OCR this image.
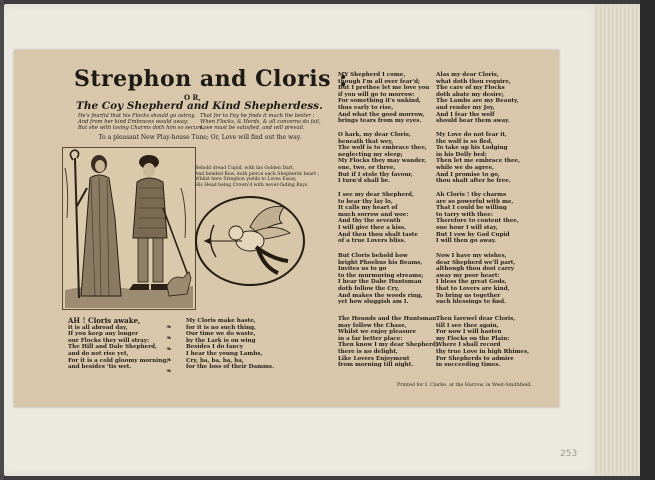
253
Strephon and Cloris :
O R,
The Coy Shepherd and Kind Shepherdess.
He's fearful that his Flocks should go astray,
And from her kind Embraces would away:
But she with loving Charms doth him so secure,
That for to Fay he finds it much the better :
When Flocks, & Herds, & all concerns do fail,
Love must be satisfied, and will prevail.
To a pleasant New Play-house Tune; Or, Love will find out the way.
Behold dread Cupid, with his Golden Dart,
And bended Bow, doth pierce each Shepherds heart ;
Whilst here Strephon yields to Loves Essay,
His Head being Crown'd with never-fading Bays.
AH ! Cloris awake,
it is all abroad day,
If you keep any longer
our Flocks they will stray:
The Hill and Dale Shepherd,
and do not rise yet,
For it is a cold gloomy morning,
and besides 'tis wet.
❧
❧
❧
❧
❧
My Cloris make haste,
for it is no such thing,
Our time we do waste,
by the Lark is on wing
Besides I do fancy
I hear the young Lambs,
Cry, ba, ba, ba, ba,
for the loss of their Damms.
MY Shepherd I come,
though I'm all over fear'd;
But I prethee let me love you
if you will go to morrow:
For something it's unkind,
thus early to rise,
And what the good morrow,
brings tears from my eyes.
Alas my dear Cloris,
what doth thou require,
The care of my Flocks
doth abate my desire;
The Lambs are my Beauty,
and render my Joy,
And I fear the wolf
should bear them away.
O hark, my dear Cloris,
beneath that wey,
The wolf is to embrace thee,
neglecting my sleep;
My Flocks they may wander,
one, two, or three,
But if I stole thy favour,
I turn'd shall be.
My Love do not fear it,
the wolf is so fled,
To take up his Lodging
in his Dolly bed:
Then let me embrace thee,
while we do agree,
And I promise to go,
thou shalt after be free.
I see my dear Shepherd,
to bear thy lay lo,
It calls my heart of
much sorrow and woe:
And thy the seventh
I will give thee a kiss,
And then thou shalt taste
of a true Lovers bliss.
Ah Cloris ! thy charms
are so powerful with me,
That I could be willing
to tarry with thee:
Therefore to content thee,
one hour I will stay,
But I vow by God Cupid
I will then go away.
But Cloris behold how
bright Phoebus his Beams,
Invites us to go
to the murmuring streams;
I hear the Dabe Huntsman
doth follow the Cry,
And makes the woods ring,
yet how sluggish am I.
Now I have my wishes,
dear Shepherd we'll part,
although thou dost carry
away my poor heart:
I bless the great Gods,
that to Lovers are kind,
To bring us together
such blessings to find.
The Hounds and the Huntsman
may follow the Chase,
Whilst we enjoy pleasure
in a far better place:
Then know I my dear Shepherd,
there is no delight,
Like Lovers Enjoyment
from morning till night.
Then farewel dear Cloris,
till I see thee again,
For now I will hasten
my Flocks on the Plain:
Where I shall record
thy true Love in high Rhimes,
For Shepherds to admire
in succeeding times.
Printed for I. Clarke, at the Harrow, in West-Smithfield.
